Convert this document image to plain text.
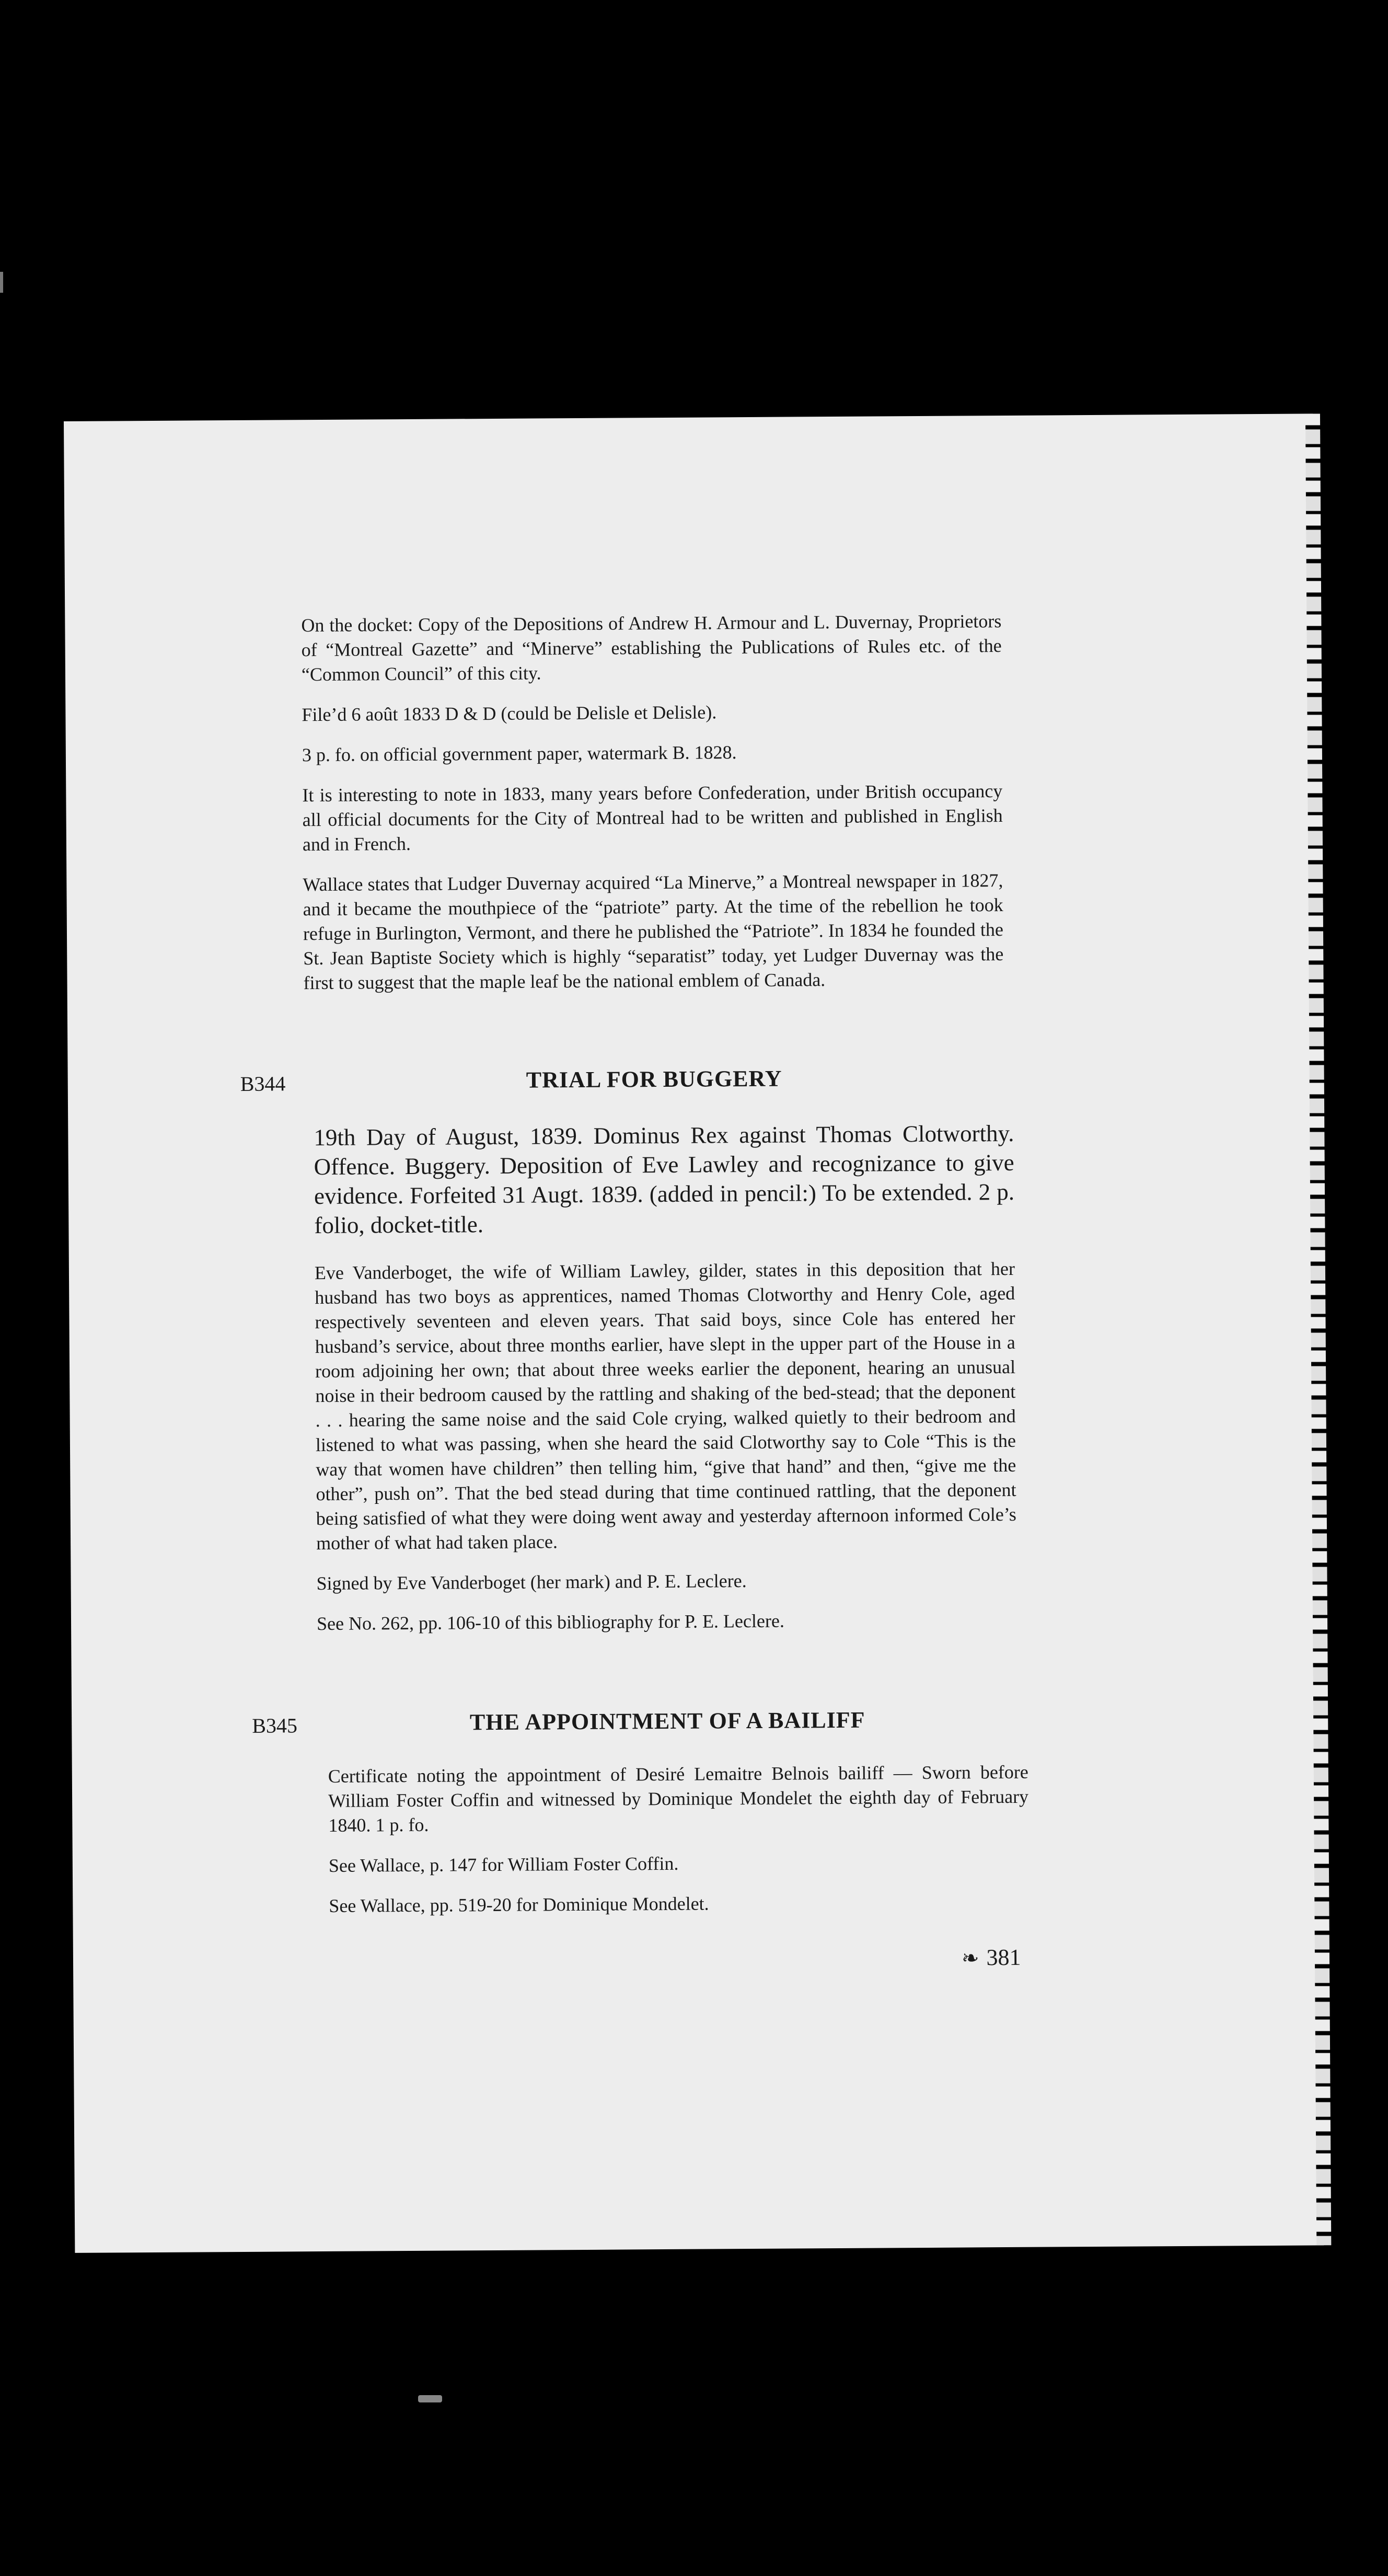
On the docket: Copy of the Depositions of Andrew H. Armour and L. Duvernay, Proprietors of “Montreal Gazette” and “Minerve” establishing the Publications of Rules etc. of the “Common Council” of this city.

File’d 6 août 1833 D & D (could be Delisle et Delisle).

3 p. fo. on official government paper, watermark B. 1828.

It is interesting to note in 1833, many years before Confederation, under British occupancy all official documents for the City of Montreal had to be written and published in English and in French.

Wallace states that Ludger Duvernay acquired “La Minerve,” a Montreal newspaper in 1827, and it became the mouthpiece of the “patriote” party. At the time of the rebellion he took refuge in Burlington, Vermont, and there he published the “Patriote”. In 1834 he founded the St. Jean Baptiste Society which is highly “separatist” today, yet Ludger Duvernay was the first to suggest that the maple leaf be the national emblem of Canada.

B344	TRIAL FOR BUGGERY

19th Day of August, 1839. Dominus Rex against Thomas Clotworthy. Offence. Buggery. Deposition of Eve Lawley and recognizance to give evidence. Forfeited 31 Augt. 1839. (added in pencil:) To be extended. 2 p. folio, docket-title.

Eve Vanderboget, the wife of William Lawley, gilder, states in this deposition that her husband has two boys as apprentices, named Thomas Clotworthy and Henry Cole, aged respectively seventeen and eleven years. That said boys, since Cole has entered her husband’s service, about three months earlier, have slept in the upper part of the House in a room adjoining her own; that about three weeks earlier the deponent, hearing an unusual noise in their bedroom caused by the rattling and shaking of the bed-stead; that the deponent . . . hearing the same noise and the said Cole crying, walked quietly to their bedroom and listened to what was passing, when she heard the said Clotworthy say to Cole “This is the way that women have children” then telling him, “give that hand” and then, “give me the other”, push on”. That the bed stead during that time continued rattling, that the deponent being satisfied of what they were doing went away and yesterday afternoon informed Cole’s mother of what had taken place.

Signed by Eve Vanderboget (her mark) and P. E. Leclere.

See No. 262, pp. 106-10 of this bibliography for P. E. Leclere.

B345	THE APPOINTMENT OF A BAILIFF

Certificate noting the appointment of Desiré Lemaitre Belnois bailiff — Sworn before William Foster Coffin and witnessed by Dominique Mondelet the eighth day of February 1840. 1 p. fo.

See Wallace, p. 147 for William Foster Coffin.

See Wallace, pp. 519-20 for Dominique Mondelet.

❧ 381
